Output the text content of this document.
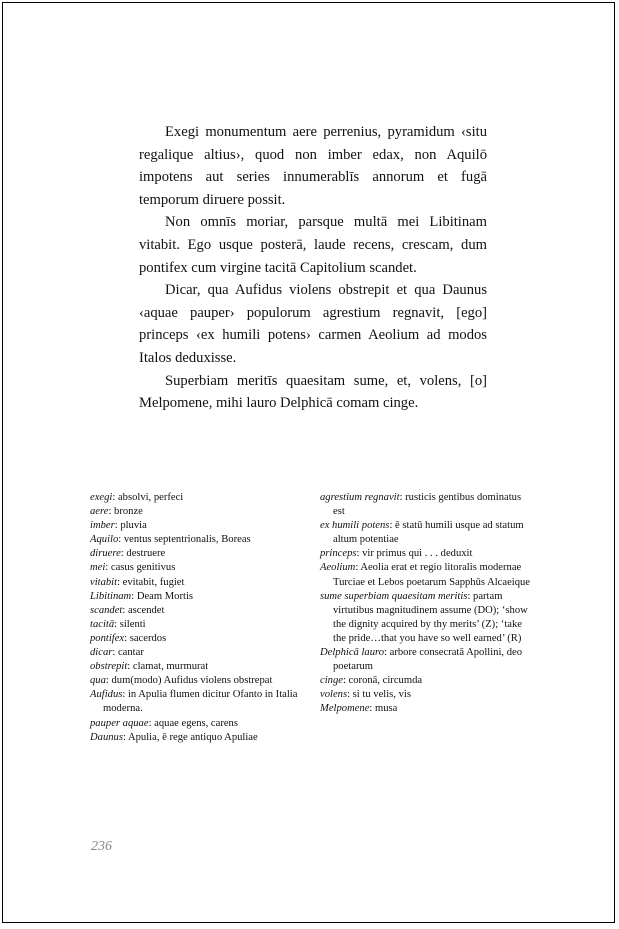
Exegi monumentum aere perrenius, pyramidum ‹situ regalique altius›, quod non imber edax, non Aquilō impotens aut series innumerablīs annorum et fugā temporum diruere possit.

Non omnīs moriar, parsque multā mei Libitinam vitabit. Ego usque posterā, laude recens, crescam, dum pontifex cum virgine tacitā Capitolium scandet.

Dicar, qua Aufidus violens obstrepit et qua Daunus ‹aquae pauper› populorum agrestium regnavit, [ego] princeps ‹ex humili potens› carmen Aeolium ad modos Italos deduxisse.

Superbiam meritīs quaesitam sume, et, volens, [o] Melpomene, mihi lauro Delphicā comam cinge.

exegi: absolvi, perfeci
aere: bronze
imber: pluvia
Aquilo: ventus septentrionalis, Boreas
diruere: destruere
mei: casus genitivus
vitabit: evitabit, fugiet
Libitinam: Deam Mortis
scandet: ascendet
tacitā: silenti
pontifex: sacerdos
dicar: cantar
obstrepit: clamat, murmurat
qua: dum(modo) Aufidus violens obstrepat
Aufidus: in Apulia flumen dicitur Ofanto in Italia moderna.
pauper aquae: aquae egens, carens
Daunus: Apulia, ē rege antiquo Apuliae
agrestium regnavit: rusticis gentibus dominatus est
ex humili potens: ē statū humili usque ad statum altum potentiae
princeps: vir primus qui . . . deduxit
Aeolium: Aeolia erat et regio litoralis modernae Turciae et Lebos poetarum Sapphūs Alcaeique
sume superbiam quaesitam meritis: partam virtutibus magnitudinem assume (DO); ‘show the dignity acquired by thy merits’ (Z); ‘take the pride…that you have so well earned’ (R)
Delphicā lauro: arbore consecratā Apollini, deo poetarum
cinge: coronā, circumda
volens: si tu velis, vis
Melpomene: musa
236
